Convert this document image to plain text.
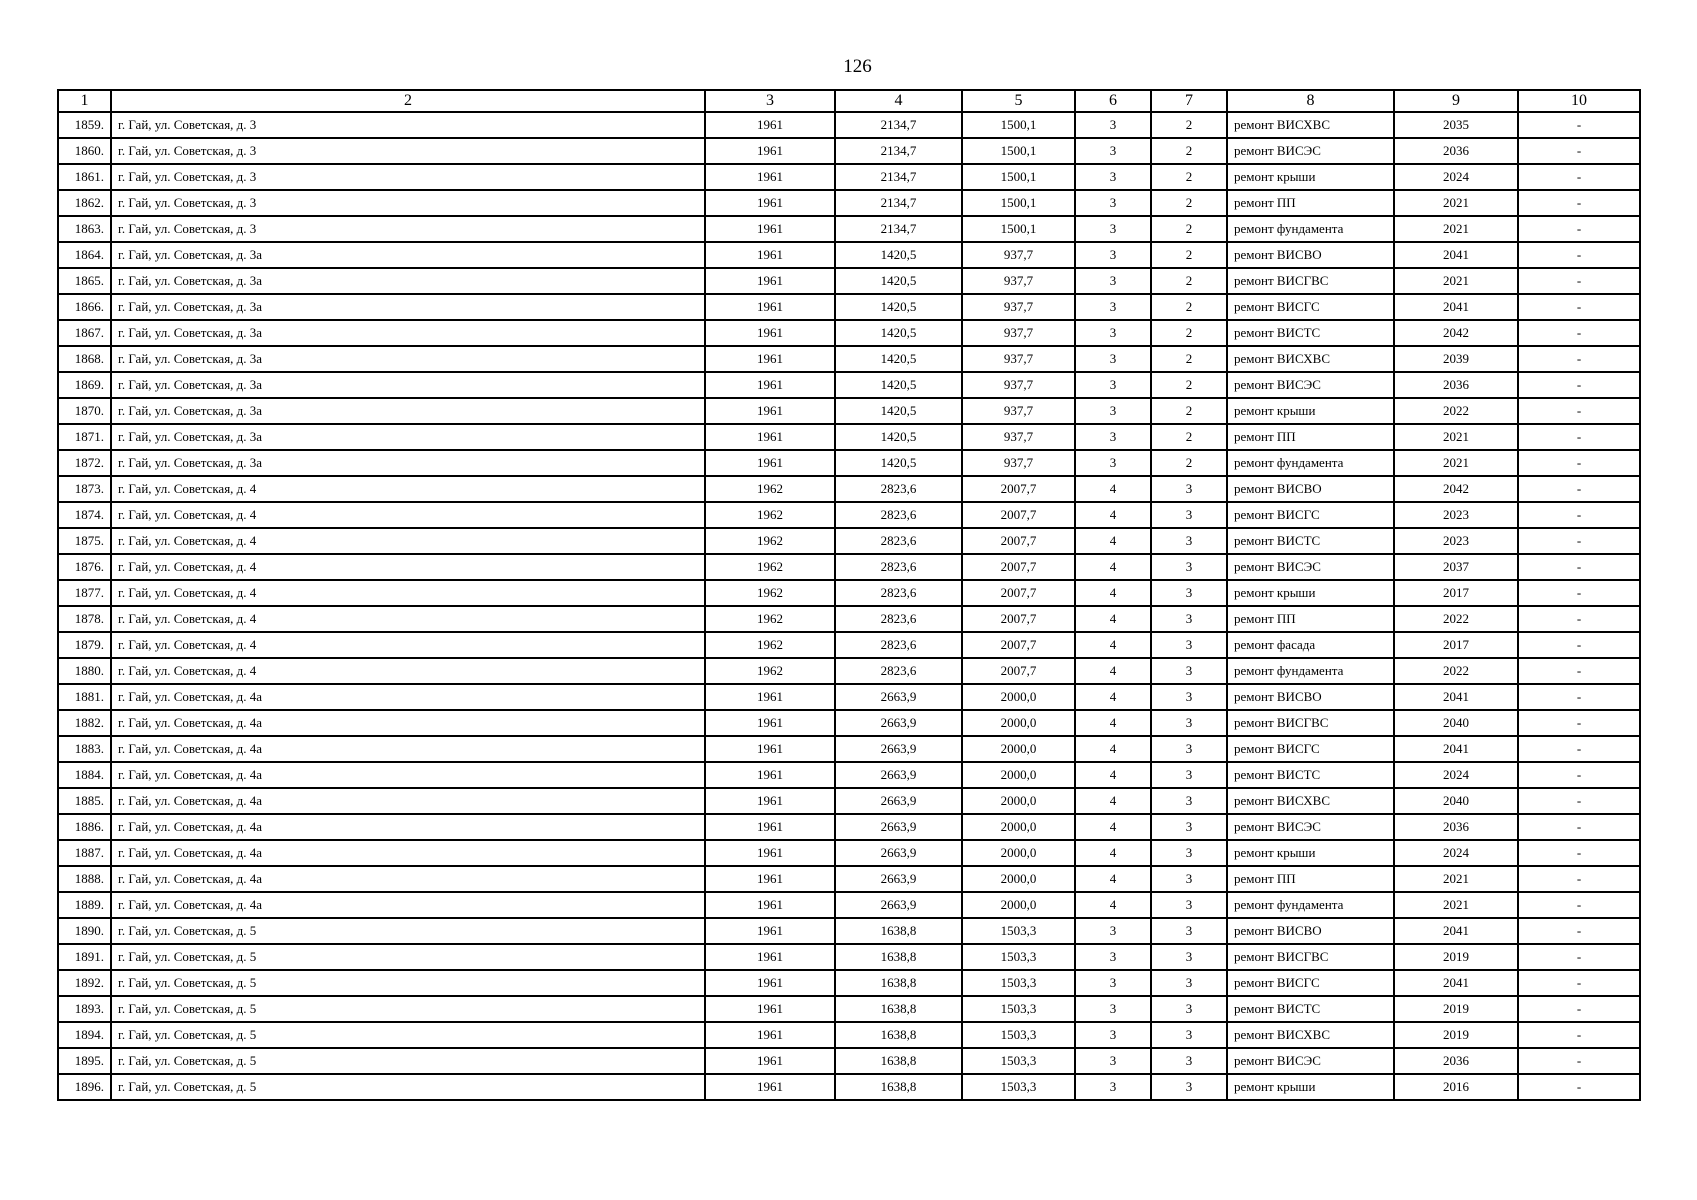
126
1	2	3	4	5	6	7	8	9	10
1859.	г. Гай, ул. Советская, д. 3	1961	2134,7	1500,1	3	2	ремонт ВИСХВС	2035	-
1860.	г. Гай, ул. Советская, д. 3	1961	2134,7	1500,1	3	2	ремонт ВИСЭС	2036	-
1861.	г. Гай, ул. Советская, д. 3	1961	2134,7	1500,1	3	2	ремонт крыши	2024	-
1862.	г. Гай, ул. Советская, д. 3	1961	2134,7	1500,1	3	2	ремонт ПП	2021	-
1863.	г. Гай, ул. Советская, д. 3	1961	2134,7	1500,1	3	2	ремонт фундамента	2021	-
1864.	г. Гай, ул. Советская, д. 3а	1961	1420,5	937,7	3	2	ремонт ВИСВО	2041	-
1865.	г. Гай, ул. Советская, д. 3а	1961	1420,5	937,7	3	2	ремонт ВИСГВС	2021	-
1866.	г. Гай, ул. Советская, д. 3а	1961	1420,5	937,7	3	2	ремонт ВИСГС	2041	-
1867.	г. Гай, ул. Советская, д. 3а	1961	1420,5	937,7	3	2	ремонт ВИСТС	2042	-
1868.	г. Гай, ул. Советская, д. 3а	1961	1420,5	937,7	3	2	ремонт ВИСХВС	2039	-
1869.	г. Гай, ул. Советская, д. 3а	1961	1420,5	937,7	3	2	ремонт ВИСЭС	2036	-
1870.	г. Гай, ул. Советская, д. 3а	1961	1420,5	937,7	3	2	ремонт крыши	2022	-
1871.	г. Гай, ул. Советская, д. 3а	1961	1420,5	937,7	3	2	ремонт ПП	2021	-
1872.	г. Гай, ул. Советская, д. 3а	1961	1420,5	937,7	3	2	ремонт фундамента	2021	-
1873.	г. Гай, ул. Советская, д. 4	1962	2823,6	2007,7	4	3	ремонт ВИСВО	2042	-
1874.	г. Гай, ул. Советская, д. 4	1962	2823,6	2007,7	4	3	ремонт ВИСГС	2023	-
1875.	г. Гай, ул. Советская, д. 4	1962	2823,6	2007,7	4	3	ремонт ВИСТС	2023	-
1876.	г. Гай, ул. Советская, д. 4	1962	2823,6	2007,7	4	3	ремонт ВИСЭС	2037	-
1877.	г. Гай, ул. Советская, д. 4	1962	2823,6	2007,7	4	3	ремонт крыши	2017	-
1878.	г. Гай, ул. Советская, д. 4	1962	2823,6	2007,7	4	3	ремонт ПП	2022	-
1879.	г. Гай, ул. Советская, д. 4	1962	2823,6	2007,7	4	3	ремонт фасада	2017	-
1880.	г. Гай, ул. Советская, д. 4	1962	2823,6	2007,7	4	3	ремонт фундамента	2022	-
1881.	г. Гай, ул. Советская, д. 4а	1961	2663,9	2000,0	4	3	ремонт ВИСВО	2041	-
1882.	г. Гай, ул. Советская, д. 4а	1961	2663,9	2000,0	4	3	ремонт ВИСГВС	2040	-
1883.	г. Гай, ул. Советская, д. 4а	1961	2663,9	2000,0	4	3	ремонт ВИСГС	2041	-
1884.	г. Гай, ул. Советская, д. 4а	1961	2663,9	2000,0	4	3	ремонт ВИСТС	2024	-
1885.	г. Гай, ул. Советская, д. 4а	1961	2663,9	2000,0	4	3	ремонт ВИСХВС	2040	-
1886.	г. Гай, ул. Советская, д. 4а	1961	2663,9	2000,0	4	3	ремонт ВИСЭС	2036	-
1887.	г. Гай, ул. Советская, д. 4а	1961	2663,9	2000,0	4	3	ремонт крыши	2024	-
1888.	г. Гай, ул. Советская, д. 4а	1961	2663,9	2000,0	4	3	ремонт ПП	2021	-
1889.	г. Гай, ул. Советская, д. 4а	1961	2663,9	2000,0	4	3	ремонт фундамента	2021	-
1890.	г. Гай, ул. Советская, д. 5	1961	1638,8	1503,3	3	3	ремонт ВИСВО	2041	-
1891.	г. Гай, ул. Советская, д. 5	1961	1638,8	1503,3	3	3	ремонт ВИСГВС	2019	-
1892.	г. Гай, ул. Советская, д. 5	1961	1638,8	1503,3	3	3	ремонт ВИСГС	2041	-
1893.	г. Гай, ул. Советская, д. 5	1961	1638,8	1503,3	3	3	ремонт ВИСТС	2019	-
1894.	г. Гай, ул. Советская, д. 5	1961	1638,8	1503,3	3	3	ремонт ВИСХВС	2019	-
1895.	г. Гай, ул. Советская, д. 5	1961	1638,8	1503,3	3	3	ремонт ВИСЭС	2036	-
1896.	г. Гай, ул. Советская, д. 5	1961	1638,8	1503,3	3	3	ремонт крыши	2016	-
